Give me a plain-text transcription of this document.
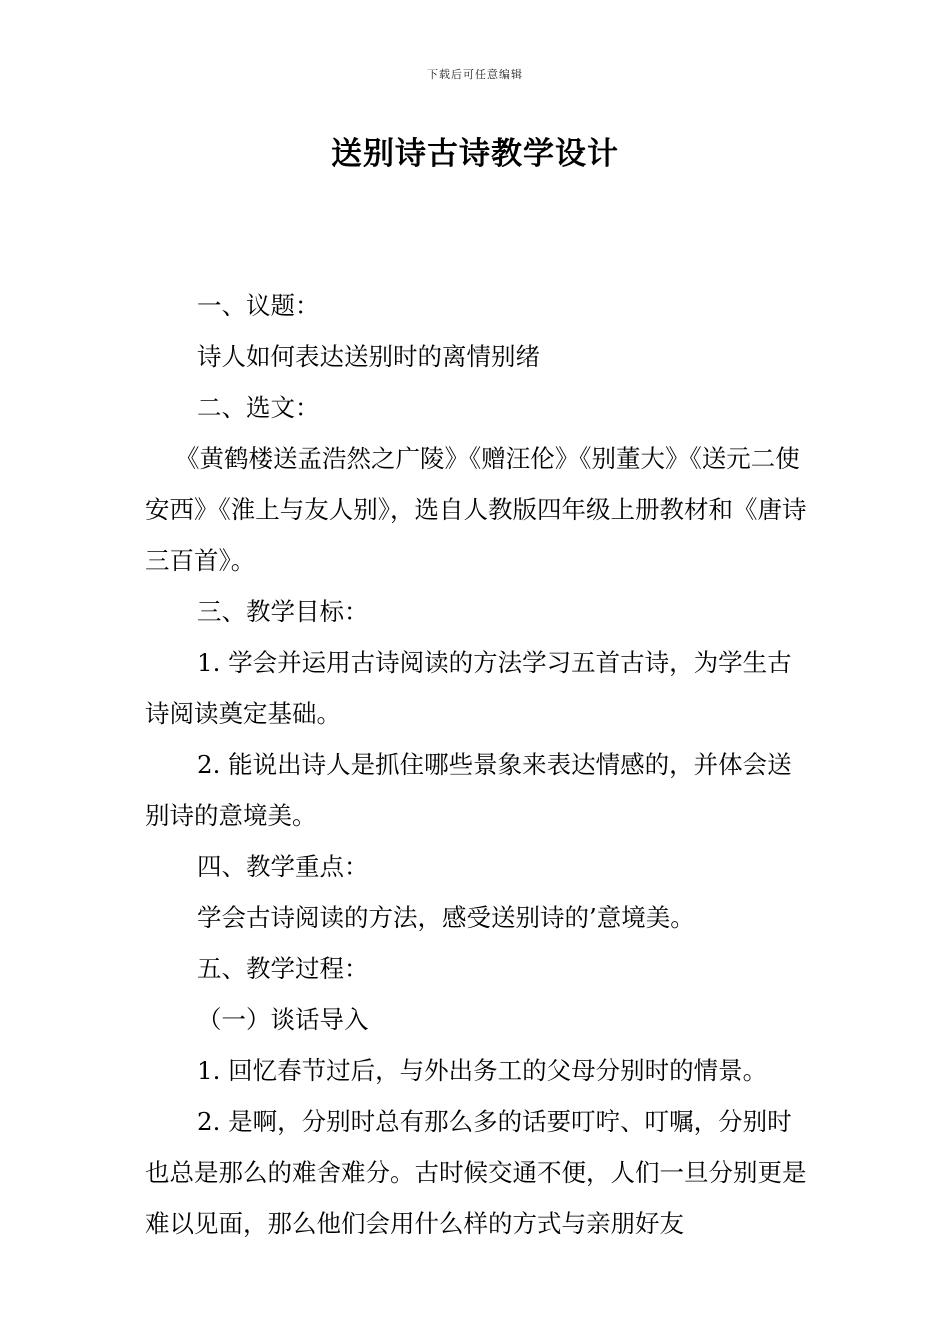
下载后可任意编辑
送别诗古诗教学设计

一、议题：

诗人如何表达送别时的离情别绪

二、选文：

《黄鹤楼送孟浩然之广陵》《赠汪伦》《别董大》《送元二使安西》《淮上与友人别》，选自人教版四年级上册教材和《唐诗三百首》。

三、教学目标：

1. 学会并运用古诗阅读的方法学习五首古诗，为学生古诗阅读奠定基础。

2. 能说出诗人是抓住哪些景象来表达情感的，并体会送别诗的意境美。

四、教学重点：

学会古诗阅读的方法，感受送别诗的’意境美。

五、教学过程：

（一）谈话导入

1. 回忆春节过后，与外出务工的父母分别时的情景。

2. 是啊，分别时总有那么多的话要叮咛、叮嘱，分别时也总是那么的难舍难分。古时候交通不便，人们一旦分别更是难以见面，那么他们会用什么样的方式与亲朋好友
